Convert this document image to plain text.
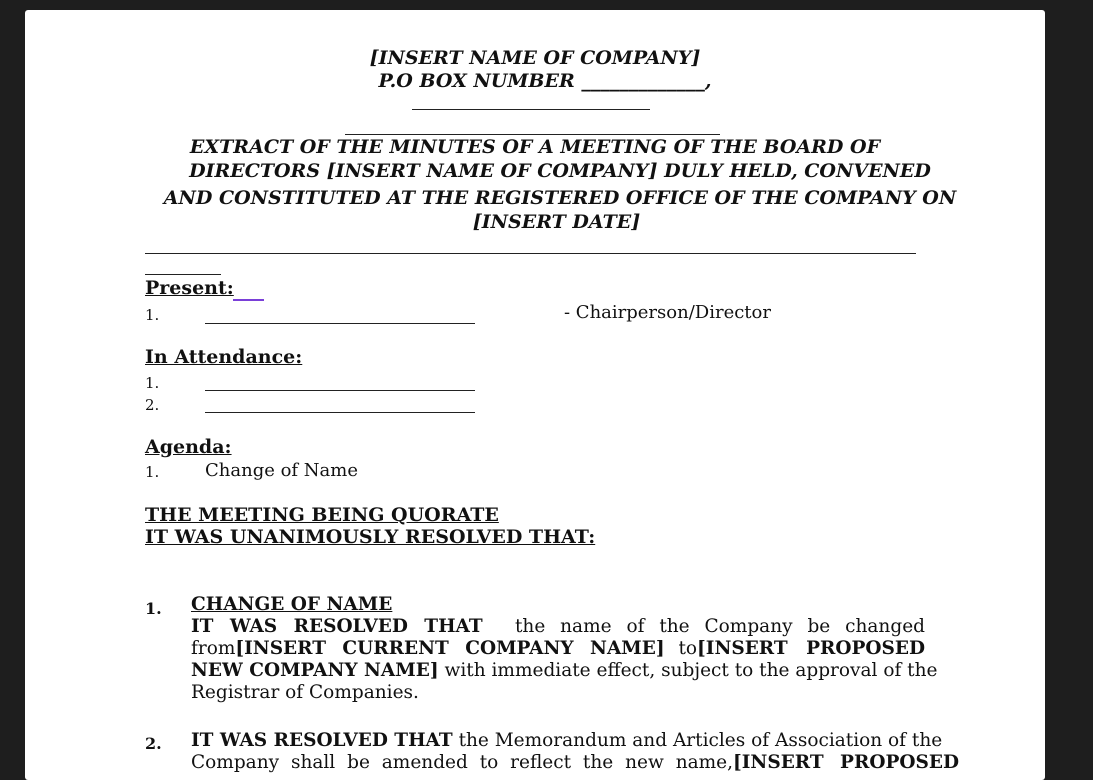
[INSERT NAME OF COMPANY]
P.O BOX NUMBER _____________,
EXTRACT OF THE MINUTES OF A MEETING OF THE BOARD OF
DIRECTORS [INSERT NAME OF COMPANY] DULY HELD, CONVENED
AND CONSTITUTED AT THE REGISTERED OFFICE OF THE COMPANY ON
[INSERT DATE]
Present:
1.	- Chairperson/Director
In Attendance:
1.
2.
Agenda:
1.	Change of Name
THE MEETING BEING QUORATE
IT WAS UNANIMOUSLY RESOLVED THAT:
1. CHANGE OF NAME
IT WAS RESOLVED THAT the name of the Company be changed
from[INSERT CURRENT COMPANY NAME] to[INSERT PROPOSED
NEW COMPANY NAME] with immediate effect, subject to the approval of the
Registrar of Companies.
2. IT WAS RESOLVED THAT the Memorandum and Articles of Association of the
Company shall be amended to reflect the new name, [INSERT PROPOSED
